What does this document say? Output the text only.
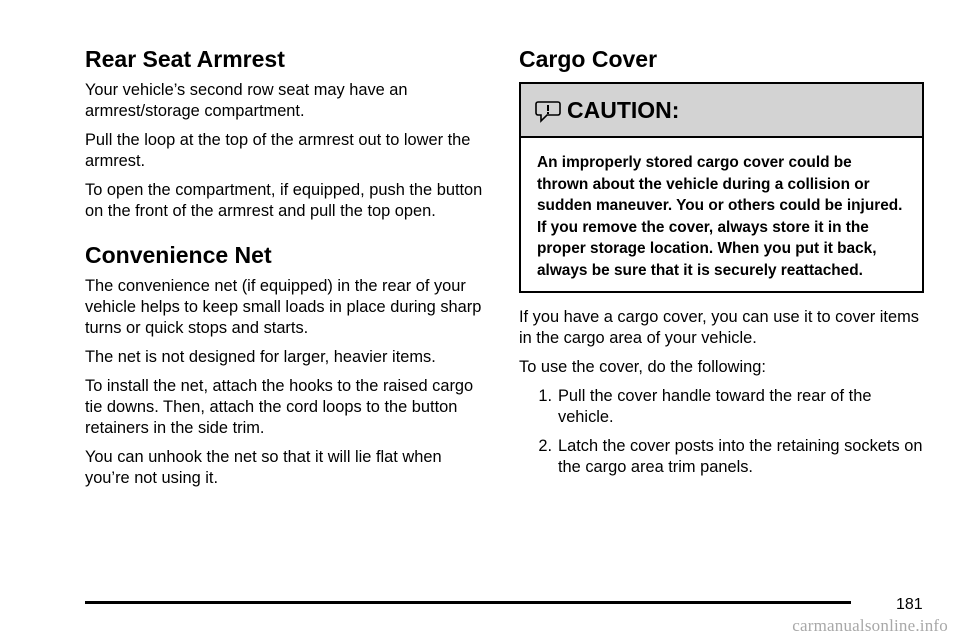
Rear Seat Armrest

Your vehicle’s second row seat may have an armrest/storage compartment.

Pull the loop at the top of the armrest out to lower the armrest.

To open the compartment, if equipped, push the button on the front of the armrest and pull the top open.

Convenience Net

The convenience net (if equipped) in the rear of your vehicle helps to keep small loads in place during sharp turns or quick stops and starts.

The net is not designed for larger, heavier items.

To install the net, attach the hooks to the raised cargo tie downs. Then, attach the cord loops to the button retainers in the side trim.

You can unhook the net so that it will lie flat when you’re not using it.

Cargo Cover
CAUTION:
An improperly stored cargo cover could be thrown about the vehicle during a collision or sudden maneuver. You or others could be injured. If you remove the cover, always store it in the proper storage location. When you put it back, always be sure that it is securely reattached.

If you have a cargo cover, you can use it to cover items in the cargo area of your vehicle.

To use the cover, do the following:

1. Pull the cover handle toward the rear of the vehicle.
2. Latch the cover posts into the retaining sockets on the cargo area trim panels.
181
carmanualsonline.info
